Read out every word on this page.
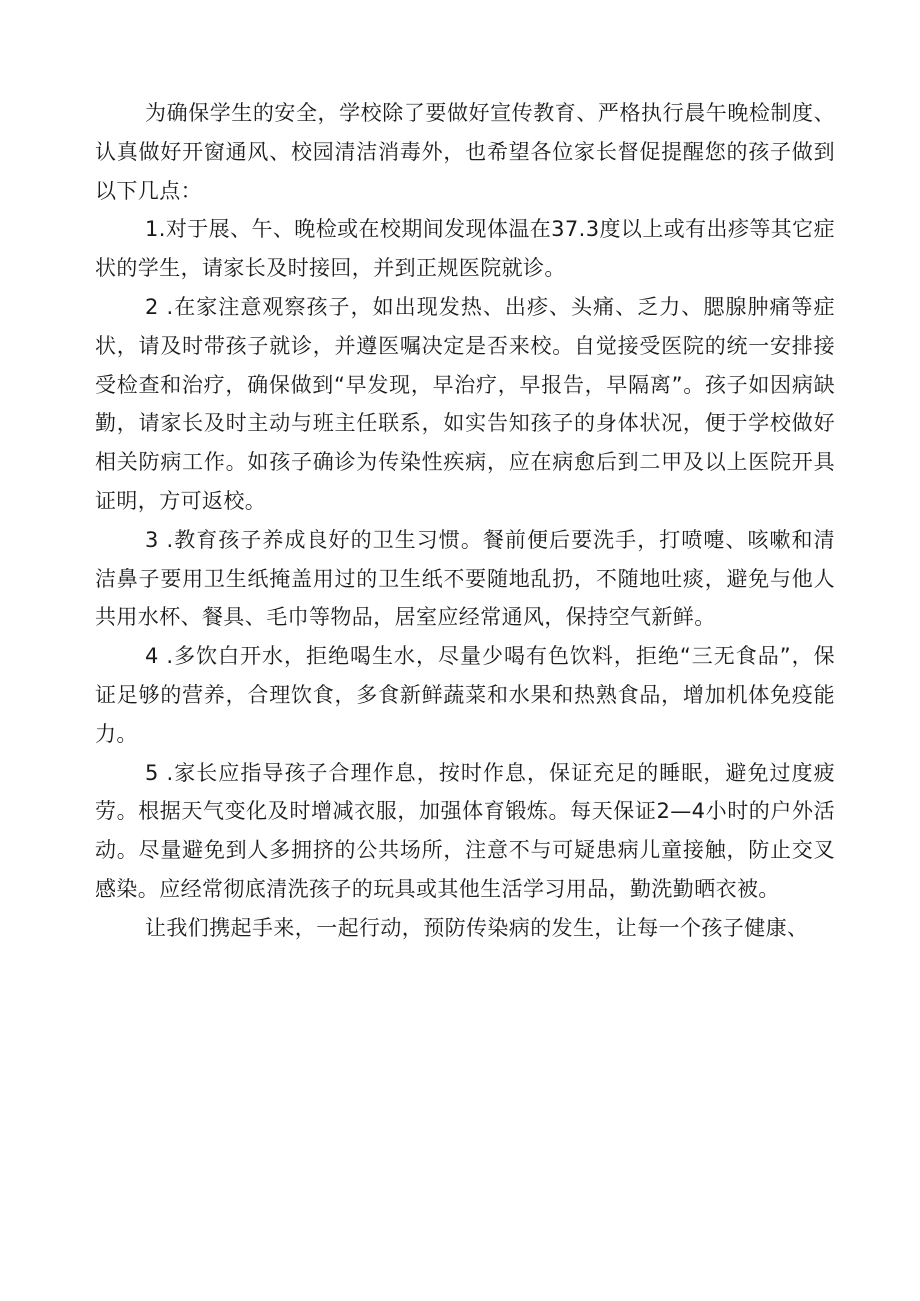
为确保学生的安全，学校除了要做好宣传教育、严格执行晨午晚检制度、认真做好开窗通风、校园清洁消毒外，也希望各位家长督促提醒您的孩子做到以下几点：

1.对于展、午、晚检或在校期间发现体温在37.3度以上或有出疹等其它症状的学生，请家长及时接回，并到正规医院就诊。

2 .在家注意观察孩子，如出现发热、出疹、头痛、乏力、腮腺肿痛等症状，请及时带孩子就诊，并遵医嘱决定是否来校。自觉接受医院的统一安排接受检查和治疗，确保做到“早发现，早治疗，早报告，早隔离”。孩子如因病缺勤，请家长及时主动与班主任联系，如实告知孩子的身体状况，便于学校做好相关防病工作。如孩子确诊为传染性疾病，应在病愈后到二甲及以上医院开具证明，方可返校。

3 .教育孩子养成良好的卫生习惯。餐前便后要洗手，打喷嚏、咳嗽和清洁鼻子要用卫生纸掩盖用过的卫生纸不要随地乱扔，不随地吐痰，避免与他人共用水杯、餐具、毛巾等物品，居室应经常通风，保持空气新鲜。

4 .多饮白开水，拒绝喝生水，尽量少喝有色饮料，拒绝“三无食品”，保证足够的营养，合理饮食，多食新鲜蔬菜和水果和热熟食品，增加机体免疫能力。

5 .家长应指导孩子合理作息，按时作息，保证充足的睡眠，避免过度疲劳。根据天气变化及时增减衣服，加强体育锻炼。每天保证2—4小时的户外活动。尽量避免到人多拥挤的公共场所，注意不与可疑患病儿童接触，防止交叉感染。应经常彻底清洗孩子的玩具或其他生活学习用品，勤洗勤晒衣被。

让我们携起手来，一起行动，预防传染病的发生，让每一个孩子健康、
